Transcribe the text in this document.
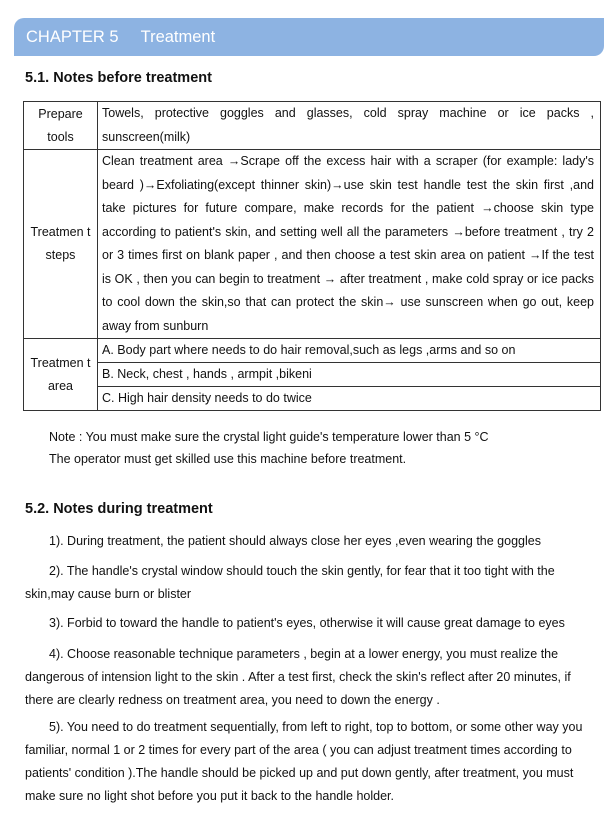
CHAPTER 5 Treatment
5.1. Notes before treatment
Prepare tools	Towels, protective goggles and glasses, cold spray machine or ice packs , sunscreen(milk)
Treatmen t steps	Clean treatment area →Scrape off the excess hair with a scraper (for example: lady's beard )→Exfoliating(except thinner skin)→use skin test handle test the skin first ,and take pictures for future compare, make records for the patient →choose skin type according to patient's skin, and setting well all the parameters →before treatment , try 2 or 3 times first on blank paper , and then choose a test skin area on patient →If the test is OK , then you can begin to treatment → after treatment , make cold spray or ice packs to cool down the skin,so that can protect the skin→ use sunscreen when go out, keep away from sunburn
Treatmen t area	A. Body part where needs to do hair removal,such as legs ,arms and so on
B. Neck, chest , hands , armpit ,bikeni
C. High hair density needs to do twice
Note : You must make sure the crystal light guide's temperature lower than 5 °C
The operator must get skilled use this machine before treatment.
5.2. Notes during treatment

1). During treatment, the patient should always close her eyes ,even wearing the goggles

2). The handle's crystal window should touch the skin gently, for fear that it too tight with the skin,may cause burn or blister

3). Forbid to toward the handle to patient's eyes, otherwise it will cause great damage to eyes

4). Choose reasonable technique parameters , begin at a lower energy, you must realize the dangerous of intension light to the skin . After a test first, check the skin's reflect after 20 minutes, if there are clearly redness on treatment area, you need to down the energy .

5). You need to do treatment sequentially, from left to right, top to bottom, or some other way you familiar, normal 1 or 2 times for every part of the area ( you can adjust treatment times according to patients' condition ).The handle should be picked up and put down gently, after treatment, you must make sure no light shot before you put it back to the handle holder.
